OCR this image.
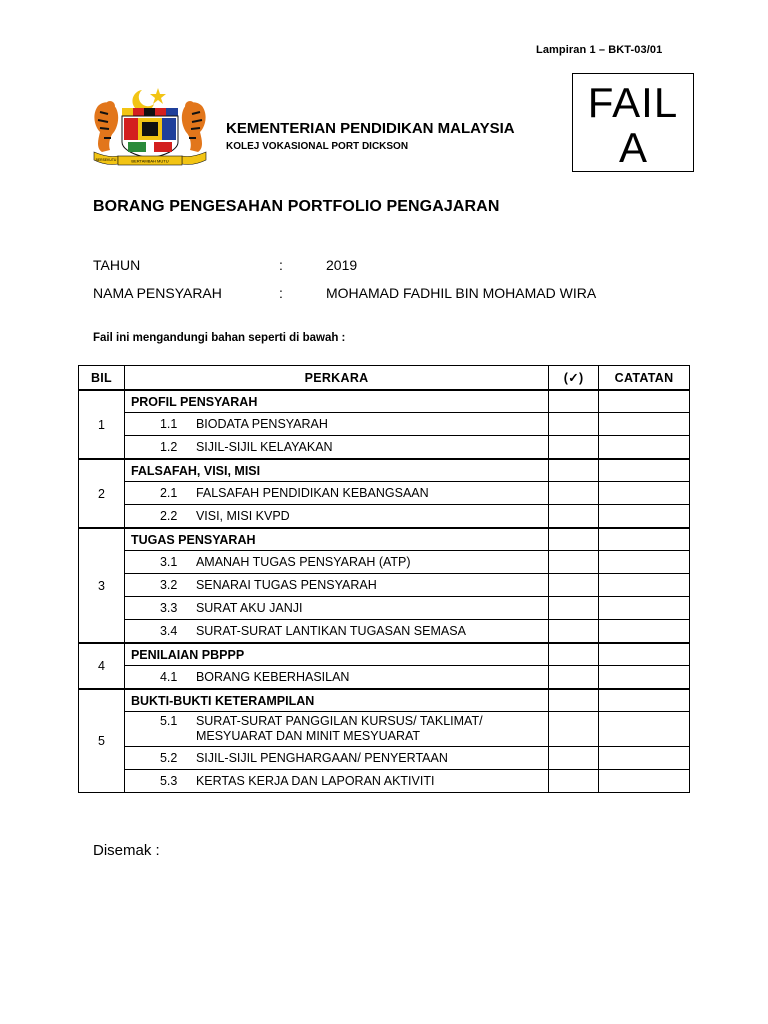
Lampiran 1 – BKT-03/01
FAIL
A
BERSEKUTU	BERTAMBAH MUTU
KEMENTERIAN PENDIDIKAN MALAYSIA
KOLEJ VOKASIONAL PORT DICKSON
BORANG PENGESAHAN PORTFOLIO PENGAJARAN
TAHUN	:	2019
NAMA PENSYARAH	:	MOHAMAD FADHIL BIN MOHAMAD WIRA
Fail ini mengandungi bahan seperti di bawah :
BIL	PERKARA	(✓)	CATATAN
1	PROFIL PENSYARAH		
	1.1 BIODATA PENSYARAH		
	1.2 SIJIL-SIJIL KELAYAKAN		
2	FALSAFAH, VISI, MISI		
	2.1 FALSAFAH PENDIDIKAN KEBANGSAAN		
	2.2 VISI, MISI KVPD		
3	TUGAS PENSYARAH		
	3.1 AMANAH TUGAS PENSYARAH (ATP)		
	3.2 SENARAI TUGAS PENSYARAH		
	3.3 SURAT AKU JANJI		
	3.4 SURAT-SURAT LANTIKAN TUGASAN SEMASA		
4	PENILAIAN PBPPP		
	4.1 BORANG KEBERHASILAN		
5	BUKTI-BUKTI KETERAMPILAN		
	5.1 SURAT-SURAT PANGGILAN KURSUS/ TAKLIMAT/
MESYUARAT DAN MINIT MESYUARAT		
	5.2 SIJIL-SIJIL PENGHARGAAN/ PENYERTAAN		
	5.3 KERTAS KERJA DAN LAPORAN AKTIVITI		
Disemak :
